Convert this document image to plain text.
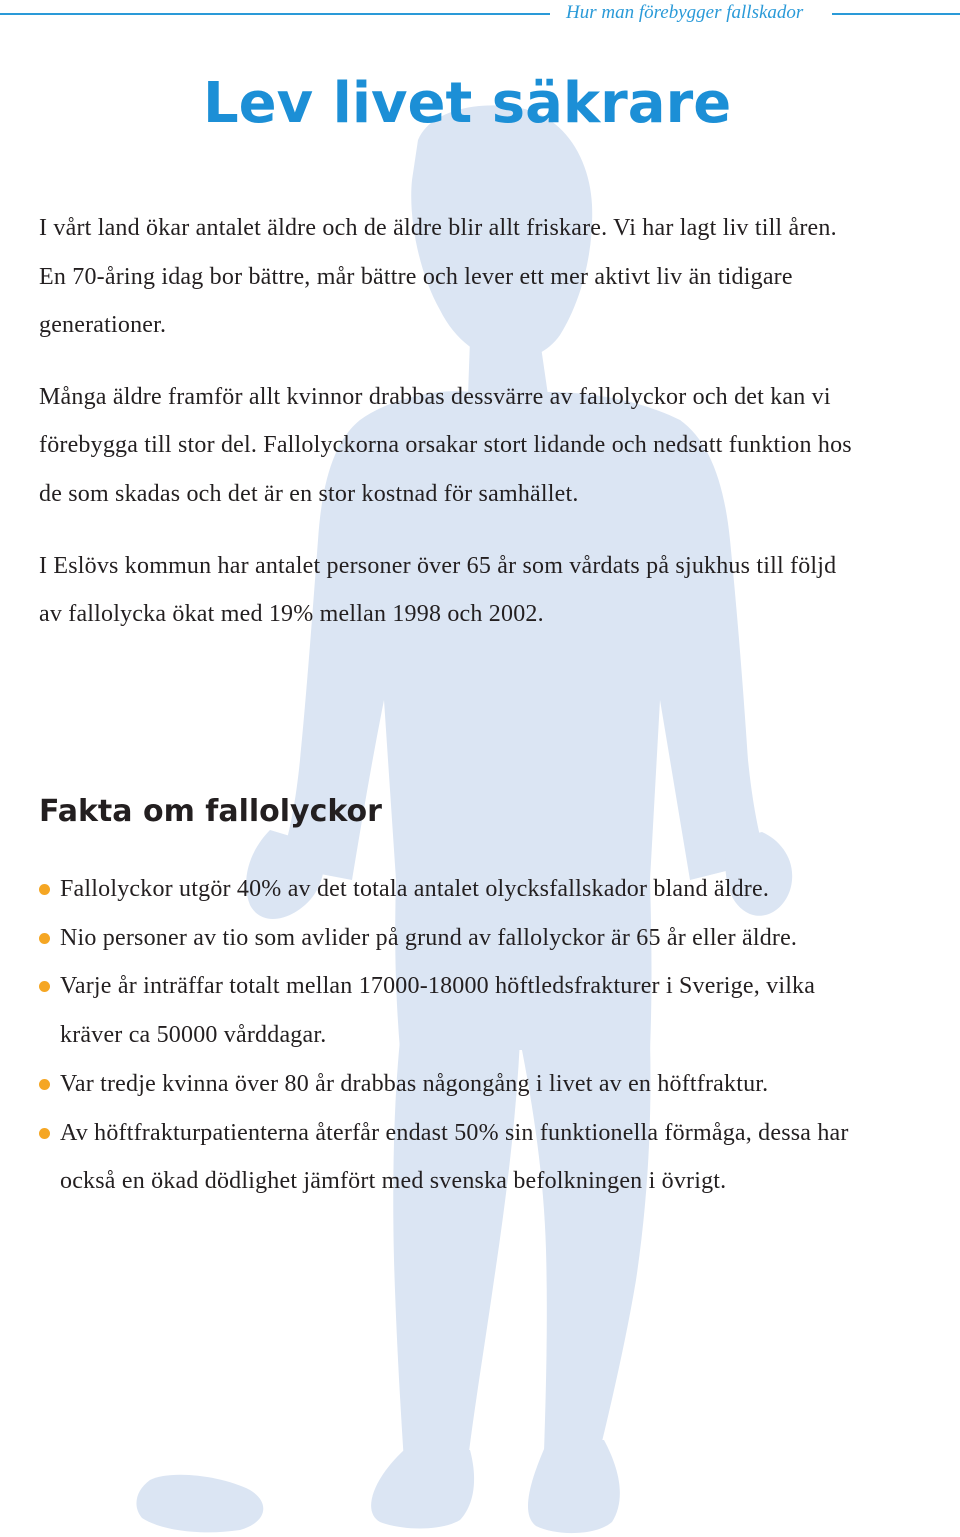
Hur man förebygger fallskador
Lev livet säkrare

I vårt land ökar antalet äldre och de äldre blir allt friskare. Vi har lagt liv till åren. En 70-åring idag bor bättre, mår bättre och lever ett mer aktivt liv än tidigare generationer.

Många äldre framför allt kvinnor drabbas dessvärre av fallolyckor och det kan vi förebygga till stor del. Fallolyckorna orsakar stort lidande och nedsatt funktion hos de som skadas och det är en stor kostnad för samhället.

I Eslövs kommun har antalet personer över 65 år som vårdats på sjukhus till följd av fallolycka ökat med 19% mellan 1998 och 2002.

Fakta om fallolyckor
Fallolyckor utgör 40% av det totala antalet olycksfallskador bland äldre.
Nio personer av tio som avlider på grund av fallolyckor är 65 år eller äldre.
Varje år inträffar totalt mellan 17000-18000 höftledsfrakturer i Sverige, vilka kräver ca 50000 vårddagar.
Var tredje kvinna över 80 år drabbas någongång i livet av en höftfraktur.
Av höftfrakturpatienterna återfår endast 50% sin funktionella förmåga, dessa har också en ökad dödlighet jämfört med svenska befolkningen i övrigt.
